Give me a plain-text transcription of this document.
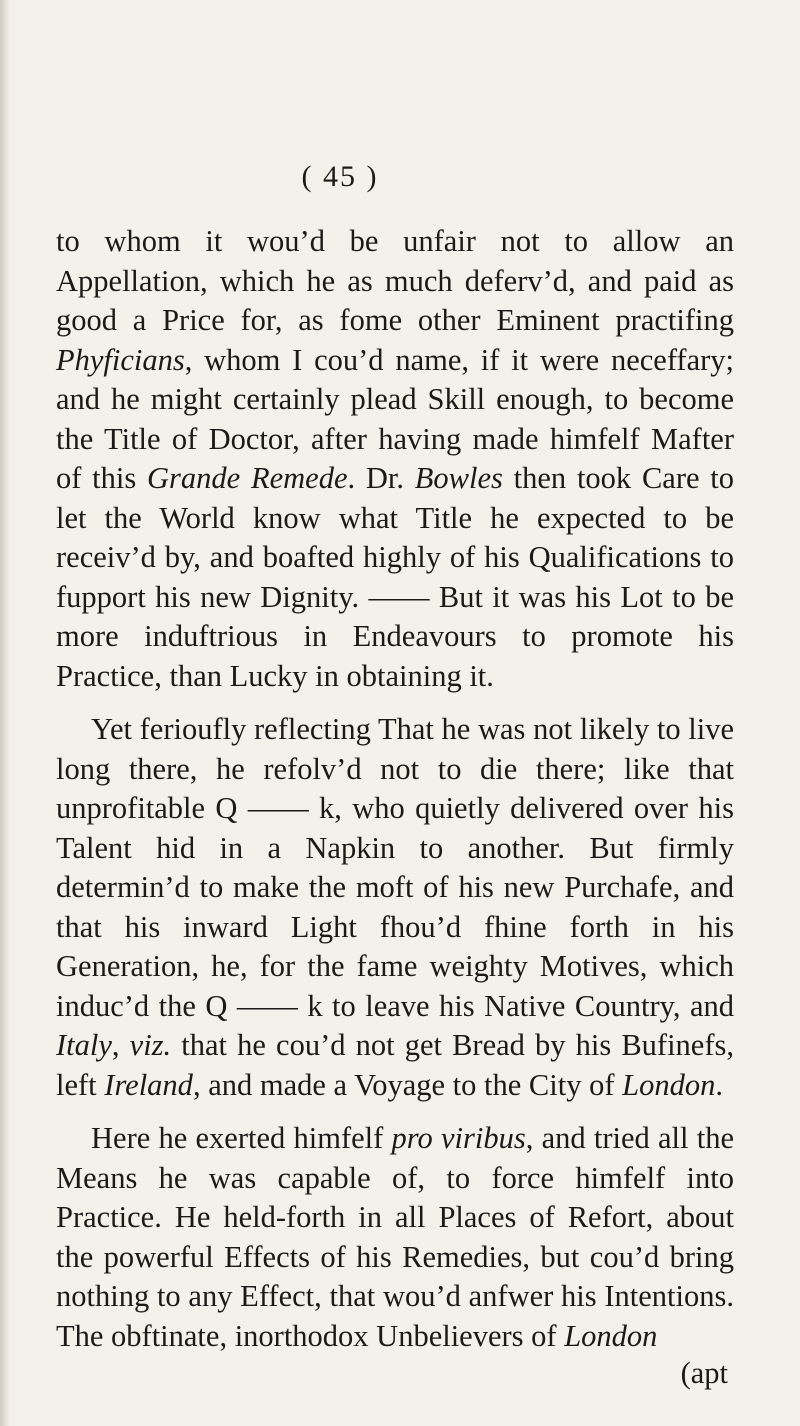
( 45 )

to whom it wou’d be unfair not to allow an Appellation, which he as much deferv’d, and paid as good a Price for, as fome other Eminent practifing Phyficians, whom I cou’d name, if it were neceffary; and he might certainly plead Skill enough, to become the Title of Doctor, after having made himfelf Mafter of this Grande Remede. Dr. Bowles then took Care to let the World know what Title he expected to be receiv’d by, and boafted highly of his Qualifications to fupport his new Dignity. —— But it was his Lot to be more induftrious in Endeavours to promote his Practice, than Lucky in obtaining it.

Yet ferioufly reflecting That he was not likely to live long there, he refolv’d not to die there; like that unprofitable Q —— k, who quietly delivered over his Talent hid in a Napkin to another. But firmly determin’d to make the moft of his new Purchafe, and that his inward Light fhou’d fhine forth in his Generation, he, for the fame weighty Motives, which induc’d the Q —— k to leave his Native Country, and Italy, viz. that he cou’d not get Bread by his Bufinefs, left Ireland, and made a Voyage to the City of London.

Here he exerted himfelf pro viribus, and tried all the Means he was capable of, to force himfelf into Practice. He held-forth in all Places of Refort, about the powerful Effects of his Remedies, but cou’d bring nothing to any Effect, that wou’d anfwer his Intentions. The obftinate, inorthodox Unbelievers of London

(apt
